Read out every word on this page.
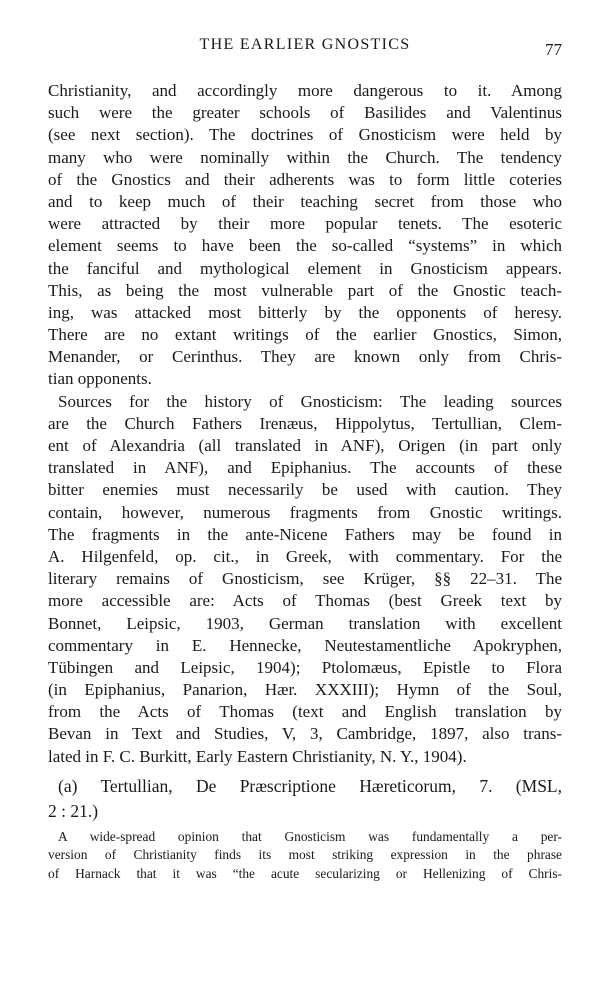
THE EARLIER GNOSTICS	77
Christianity, and accordingly more dangerous to it. Among
such were the greater schools of Basilides and Valentinus
(see next section). The doctrines of Gnosticism were held by
many who were nominally within the Church. The tendency
of the Gnostics and their adherents was to form little coteries
and to keep much of their teaching secret from those who
were attracted by their more popular tenets. The esoteric
element seems to have been the so-called “systems” in which
the fanciful and mythological element in Gnosticism appears.
This, as being the most vulnerable part of the Gnostic teach-
ing, was attacked most bitterly by the opponents of heresy.
There are no extant writings of the earlier Gnostics, Simon,
Menander, or Cerinthus. They are known only from Chris-
tian opponents.
Sources for the history of Gnosticism: The leading sources
are the Church Fathers Irenæus, Hippolytus, Tertullian, Clem-
ent of Alexandria (all translated in ANF), Origen (in part only
translated in ANF), and Epiphanius. The accounts of these
bitter enemies must necessarily be used with caution. They
contain, however, numerous fragments from Gnostic writings.
The fragments in the ante-Nicene Fathers may be found in
A. Hilgenfeld, op. cit., in Greek, with commentary. For the
literary remains of Gnosticism, see Krüger, §§ 22–31. The
more accessible are: Acts of Thomas (best Greek text by
Bonnet, Leipsic, 1903, German translation with excellent
commentary in E. Hennecke, Neutestamentliche Apokryphen,
Tübingen and Leipsic, 1904); Ptolomæus, Epistle to Flora
(in Epiphanius, Panarion, Hær. XXXIII); Hymn of the Soul,
from the Acts of Thomas (text and English translation by
Bevan in Text and Studies, V, 3, Cambridge, 1897, also trans-
lated in F. C. Burkitt, Early Eastern Christianity, N. Y., 1904).
(a) Tertullian, De Præscriptione Hæreticorum, 7. (MSL,
2 : 21.)
A wide-spread opinion that Gnosticism was fundamentally a per-
version of Christianity finds its most striking expression in the phrase
of Harnack that it was “the acute secularizing or Hellenizing of Chris-
